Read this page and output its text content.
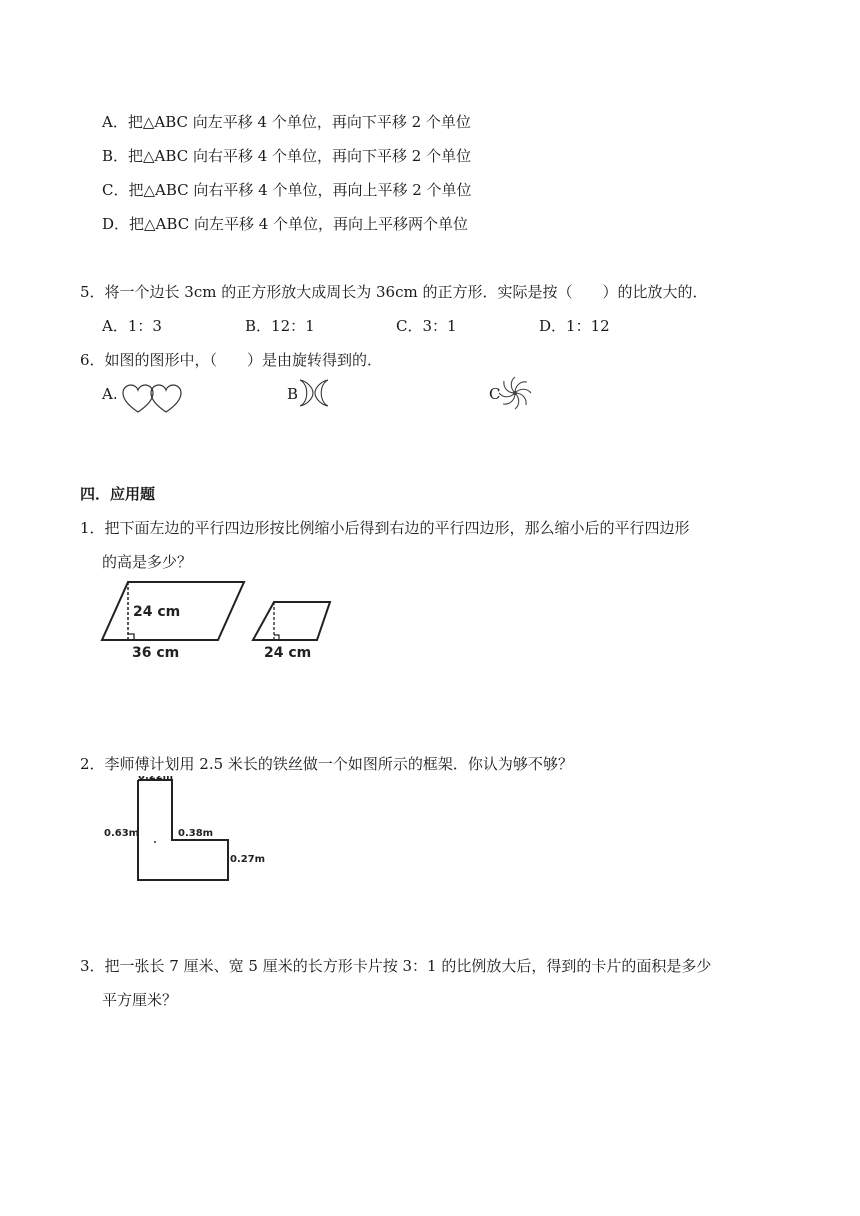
A．把△ABC 向左平移 4 个单位，再向下平移 2 个单位
B．把△ABC 向右平移 4 个单位，再向下平移 2 个单位
C．把△ABC 向右平移 4 个单位，再向上平移 2 个单位
D．把△ABC 向左平移 4 个单位，再向上平移两个单位
5．将一个边长 3cm 的正方形放大成周长为 36cm 的正方形．实际是按（　　）的比放大的．
A．1：3	B．12：1	C．3：1	D．1：12
6．如图的图形中，（　　）是由旋转得到的．
A.	B	C
四．应用题
1．把下面左边的平行四边形按比例缩小后得到右边的平行四边形，那么缩小后的平行四边形
的高是多少？
24 cm
36 cm	24 cm
2．李师傅计划用 2.5 米长的铁丝做一个如图所示的框架．你认为够不够？
0.22m
0.63m	0.38m
0.27m
3．把一张长 7 厘米、宽 5 厘米的长方形卡片按 3：1 的比例放大后，得到的卡片的面积是多少
平方厘米？
